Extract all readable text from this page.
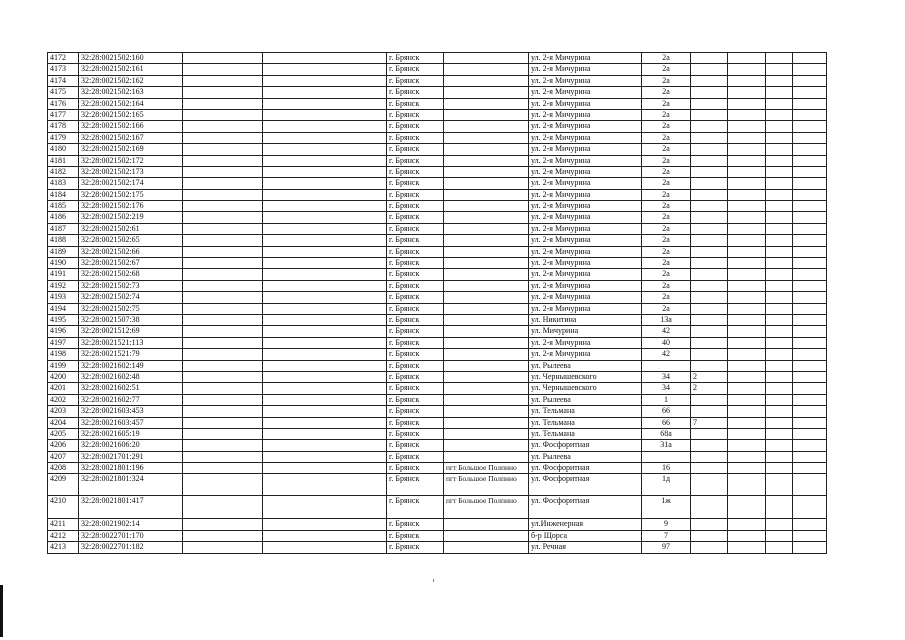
4172	32:28:0021502:160			г. Брянск		ул. 2-я Мичурина	2а				
4173	32:28:0021502:161			г. Брянск		ул. 2-я Мичурина	2а				
4174	32:28:0021502:162			г. Брянск		ул. 2-я Мичурина	2а				
4175	32:28:0021502:163			г. Брянск		ул. 2-я Мичурина	2а				
4176	32:28:0021502:164			г. Брянск		ул. 2-я Мичурина	2а				
4177	32:28:0021502:165			г. Брянск		ул. 2-я Мичурина	2а				
4178	32:28:0021502:166			г. Брянск		ул. 2-я Мичурина	2а				
4179	32:28:0021502:167			г. Брянск		ул. 2-я Мичурина	2а				
4180	32:28:0021502:169			г. Брянск		ул. 2-я Мичурина	2а				
4181	32:28:0021502:172			г. Брянск		ул. 2-я Мичурина	2а				
4182	32:28:0021502:173			г. Брянск		ул. 2-я Мичурина	2а				
4183	32:28:0021502:174			г. Брянск		ул. 2-я Мичурина	2а				
4184	32:28:0021502:175			г. Брянск		ул. 2-я Мичурина	2а				
4185	32:28:0021502:176			г. Брянск		ул. 2-я Мичурина	2а				
4186	32:28:0021502:219			г. Брянск		ул. 2-я Мичурина	2а				
4187	32:28:0021502:61			г. Брянск		ул. 2-я Мичурина	2а				
4188	32:28:0021502:65			г. Брянск		ул. 2-я Мичурина	2а				
4189	32:28:0021502:66			г. Брянск		ул. 2-я Мичурина	2а				
4190	32:28:0021502:67			г. Брянск		ул. 2-я Мичурина	2а				
4191	32:28:0021502:68			г. Брянск		ул. 2-я Мичурина	2а				
4192	32:28:0021502:73			г. Брянск		ул. 2-я Мичурина	2а				
4193	32:28:0021502:74			г. Брянск		ул. 2-я Мичурина	2а				
4194	32:28:0021502:75			г. Брянск		ул. 2-я Мичурина	2а				
4195	32:28:0021507:38			г. Брянск		ул. Никитина	13а				
4196	32:28:0021512:69			г. Брянск		ул. Мичурина	42				
4197	32:28:0021521:113			г. Брянск		ул. 2-я Мичурина	40				
4198	32:28:0021521:79			г. Брянск		ул. 2-я Мичурина	42				
4199	32:28:0021602:149			г. Брянск		ул. Рылеева					
4200	32:28:0021602:48			г. Брянск		ул. Чернышевского	34	2			
4201	32:28:0021602:51			г. Брянск		ул. Чернышевского	34	2			
4202	32:28:0021602:77			г. Брянск		ул. Рылеева	1				
4203	32:28:0021603:453			г. Брянск		ул. Тельмана	66				
4204	32:28:0021603:457			г. Брянск		ул. Тельмана	66	7			
4205	32:28:0021605:19			г. Брянск		ул. Тельмана	68а				
4206	32:28:0021606:20			г. Брянск		ул. Фосфоритная	31а				
4207	32:28:0021701:291			г. Брянск		ул. Рылеева					
4208	32:28:0021801:196			г. Брянск	пгт Большое Полпино	ул. Фосфоритная	16				
4209	32:28:0021801:324			г. Брянск	пгт Большое Полпино	ул. Фосфоритная	1д				
4210	32:28:0021801:417			г. Брянск	пгт Большое Полпино	ул. Фосфоритная	1ж				
4211	32:28:0021902:14			г. Брянск		ул.Инженерная	9				
4212	32:28:0022701:170			г. Брянск		б-р Щорса	7				
4213	32:28:0022701:182			г. Брянск		ул. Речная	97				
